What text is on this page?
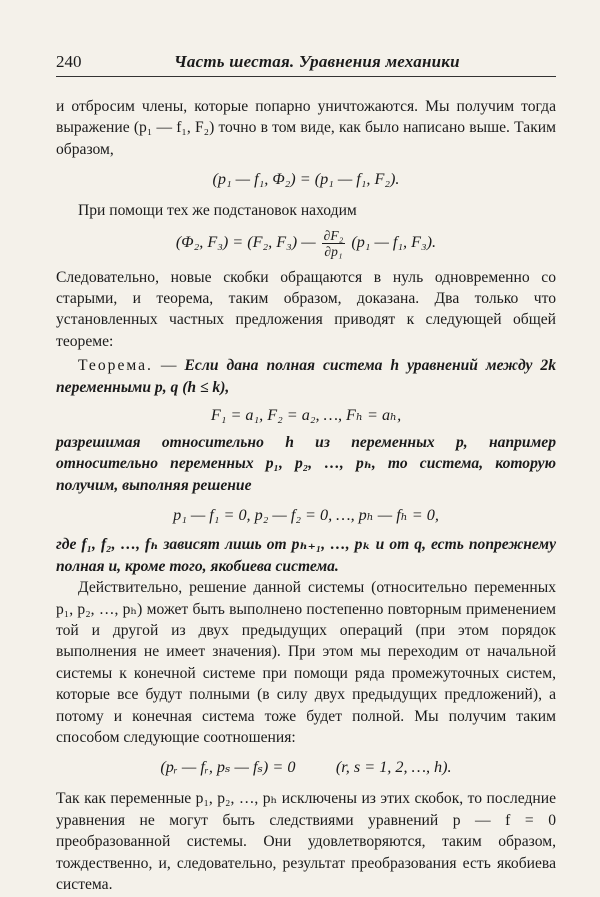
240	Часть шестая. Уравнения механики

и отбросим члены, которые попарно уничтожаются. Мы получим тогда выражение (p₁ — f₁, F₂) точно в том виде, как было написано выше. Таким образом,

(p₁ — f₁, Φ₂) = (p₁ — f₁, F₂).

При помощи тех же подстановок находим

(Φ₂, F₃) = (F₂, F₃) — $\frac{\text{∂F₂}}{\text{∂p₁}} (p_1$ — f₁, F₃).

Следовательно, новые скобки обращаются в нуль одновременно со старыми, и теорема, таким образом, доказана. Два только что установленных частных предложения приводят к следующей общей теореме:

Теорема. — Если дана полная система h уравнений между 2k переменными p, q (h ≤ k),

F₁ = a₁, F₂ = a₂, …, Fₕ = aₕ,

разрешимая относительно h из переменных p, например относительно переменных p₁, p₂, …, pₕ, то система, которую получим, выполняя решение

p₁ — f₁ = 0, p₂ — f₂ = 0, …, pₕ — fₕ = 0,

где f₁, f₂, …, fₕ зависят лишь от pₕ₊₁, …, pₖ и от q, есть попрежнему полная и, кроме того, якобиева система.

Действительно, решение данной системы (относительно переменных p₁, p₂, …, pₕ) может быть выполнено постепенно повторным применением той и другой из двух предыдущих операций (при этом порядок выполнения не имеет значения). При этом мы переходим от начальной системы к конечной системе при помощи ряда промежуточных систем, которые все будут полными (в силу двух предыдущих предложений), а потому и конечная система тоже будет полной. Мы получим таким способом следующие соотношения:

(pᵣ — fᵣ, pₛ — fₛ) = 0          (r, s = 1, 2, …, h).

Так как переменные p₁, p₂, …, pₕ исключены из этих скобок, то последние уравнения не могут быть следствиями уравнений p — f = 0 преобразованной системы. Они удовлетворяются, таким образом, тождественно, и, следовательно, результат преобразования есть якобиева система.
